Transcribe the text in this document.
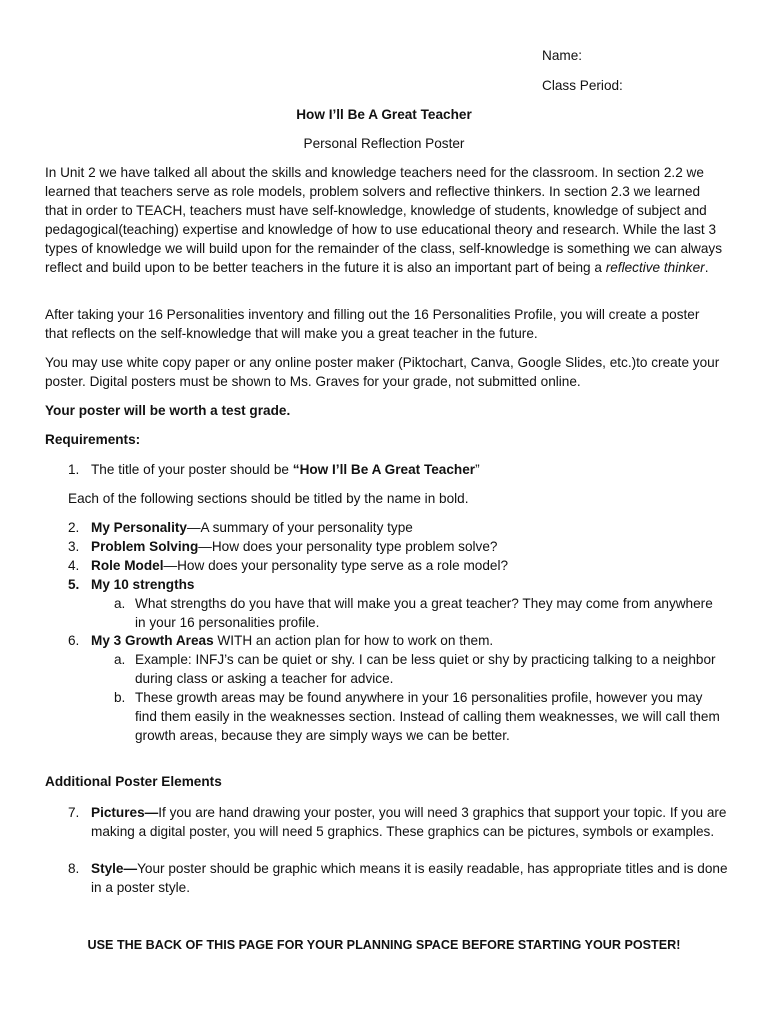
Name:

Class Period:

How I’ll Be A Great Teacher

Personal Reflection Poster

In Unit 2 we have talked all about the skills and knowledge teachers need for the classroom. In section 2.2 we learned that teachers serve as role models, problem solvers and reflective thinkers. In section 2.3 we learned that in order to TEACH, teachers must have self-knowledge, knowledge of students, knowledge of subject and pedagogical(teaching) expertise and knowledge of how to use educational theory and research. While the last 3 types of knowledge we will build upon for the remainder of the class, self-knowledge is something we can always reflect and build upon to be better teachers in the future it is also an important part of being a reflective thinker.

After taking your 16 Personalities inventory and filling out the 16 Personalities Profile, you will create a poster that reflects on the self-knowledge that will make you a great teacher in the future.

You may use white copy paper or any online poster maker (Piktochart, Canva, Google Slides, etc.)to create your poster. Digital posters must be shown to Ms. Graves for your grade, not submitted online.

Your poster will be worth a test grade.

Requirements:

1. The title of your poster should be “How I’ll Be A Great Teacher”

Each of the following sections should be titled by the name in bold.

2. My Personality—A summary of your personality type
3. Problem Solving—How does your personality type problem solve?
4. Role Model—How does your personality type serve as a role model?
5. My 10 strengths
a. What strengths do you have that will make you a great teacher? They may come from anywhere in your 16 personalities profile.
6. My 3 Growth Areas WITH an action plan for how to work on them.
a. Example: INFJ’s can be quiet or shy. I can be less quiet or shy by practicing talking to a neighbor during class or asking a teacher for advice.
b. These growth areas may be found anywhere in your 16 personalities profile, however you may find them easily in the weaknesses section. Instead of calling them weaknesses, we will call them growth areas, because they are simply ways we can be better.

Additional Poster Elements

7. Pictures—If you are hand drawing your poster, you will need 3 graphics that support your topic. If you are making a digital poster, you will need 5 graphics. These graphics can be pictures, symbols or examples.
8. Style—Your poster should be graphic which means it is easily readable, has appropriate titles and is done in a poster style.

USE THE BACK OF THIS PAGE FOR YOUR PLANNING SPACE BEFORE STARTING YOUR POSTER!
